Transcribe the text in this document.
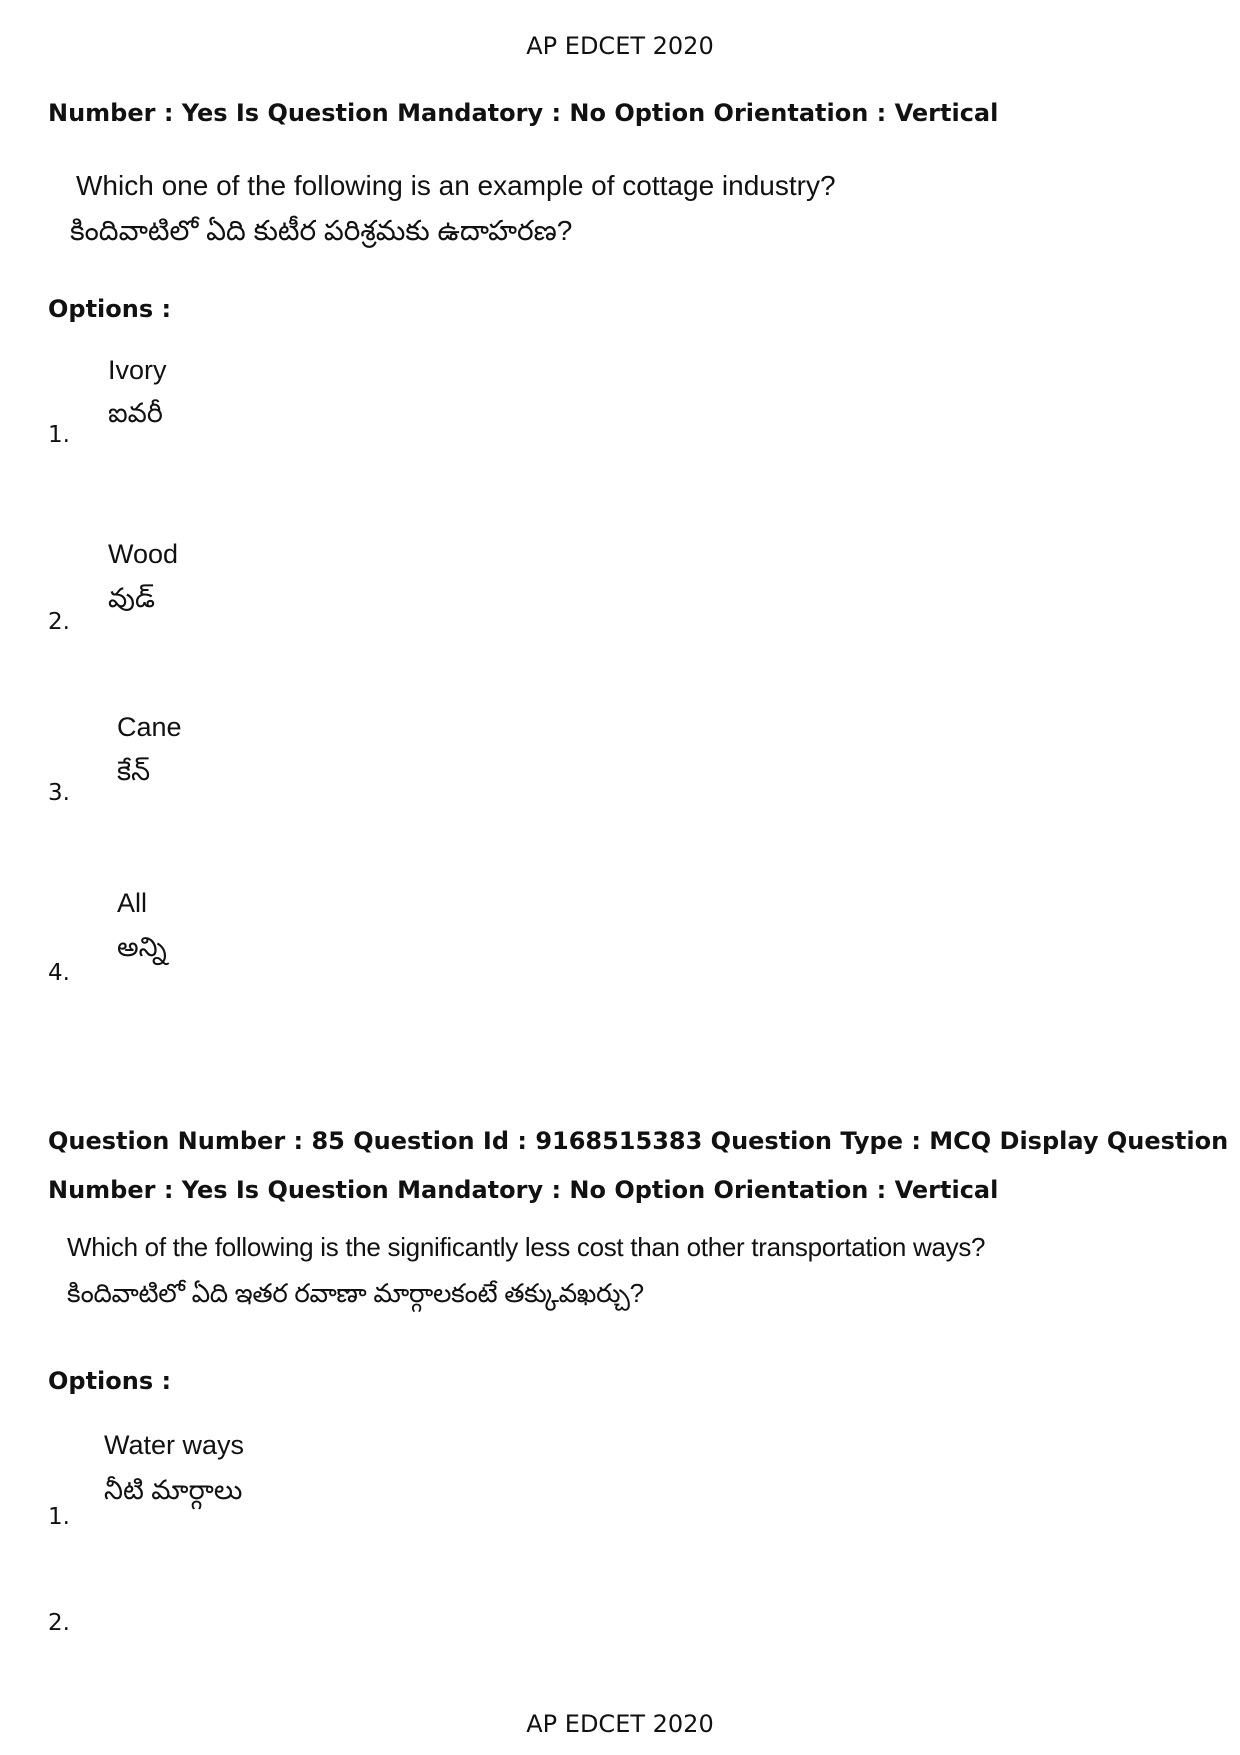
AP EDCET 2020
Number : Yes Is Question Mandatory : No Option Orientation : Vertical
Which one of the following is an example of cottage industry?
కిందివాటిలో ఏది కుటీర పరిశ్రమకు ఉదాహరణ?
Options :
Ivory
ఐవరీ
1.
Wood
వుడ్
2.
Cane
కేన్
3.
All
అన్ని
4.
Question Number : 85 Question Id : 9168515383 Question Type : MCQ Display Question
Number : Yes Is Question Mandatory : No Option Orientation : Vertical
Which of the following is the significantly less cost than other transportation ways?
కిందివాటిలో ఏది ఇతర రవాణా మార్గాలకంటే తక్కువఖర్చు?
Options :
Water ways
నీటి మార్గాలు
1.
2.
AP EDCET 2020
